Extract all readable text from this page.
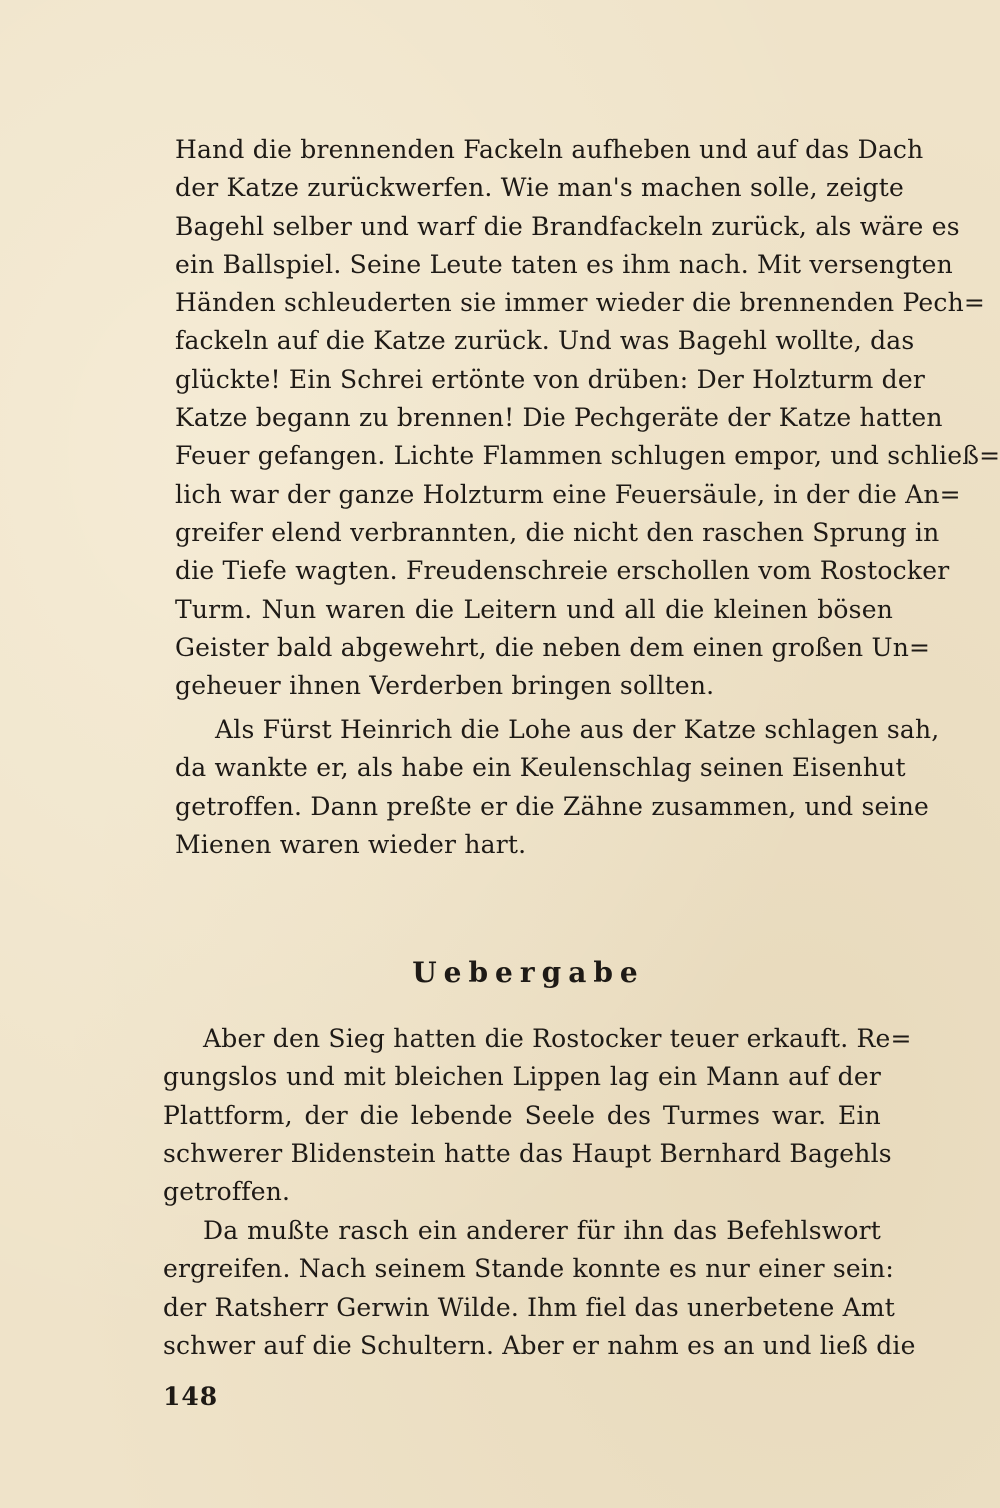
Hand die brennenden Fackeln aufheben und auf das Dach
der Katze zurückwerfen. Wie man's machen solle, zeigte
Bagehl selber und warf die Brandfackeln zurück, als wäre es
ein Ballspiel. Seine Leute taten es ihm nach. Mit versengten
Händen schleuderten sie immer wieder die brennenden Pech=
fackeln auf die Katze zurück. Und was Bagehl wollte, das
glückte! Ein Schrei ertönte von drüben: Der Holzturm der
Katze begann zu brennen! Die Pechgeräte der Katze hatten
Feuer gefangen. Lichte Flammen schlugen empor, und schließ=
lich war der ganze Holzturm eine Feuersäule, in der die An=
greifer elend verbrannten, die nicht den raschen Sprung in
die Tiefe wagten. Freudenschreie erschollen vom Rostocker
Turm. Nun waren die Leitern und all die kleinen bösen
Geister bald abgewehrt, die neben dem einen großen Un=
geheuer ihnen Verderben bringen sollten.
Als Fürst Heinrich die Lohe aus der Katze schlagen sah,
da wankte er, als habe ein Keulenschlag seinen Eisenhut
getroffen. Dann preßte er die Zähne zusammen, und seine
Mienen waren wieder hart.
Uebergabe
Aber den Sieg hatten die Rostocker teuer erkauft. Re=
gungslos und mit bleichen Lippen lag ein Mann auf der
Plattform, der die lebende Seele des Turmes war. Ein
schwerer Blidenstein hatte das Haupt Bernhard Bagehls
getroffen.
Da mußte rasch ein anderer für ihn das Befehlswort
ergreifen. Nach seinem Stande konnte es nur einer sein:
der Ratsherr Gerwin Wilde. Ihm fiel das unerbetene Amt
schwer auf die Schultern. Aber er nahm es an und ließ die
148
